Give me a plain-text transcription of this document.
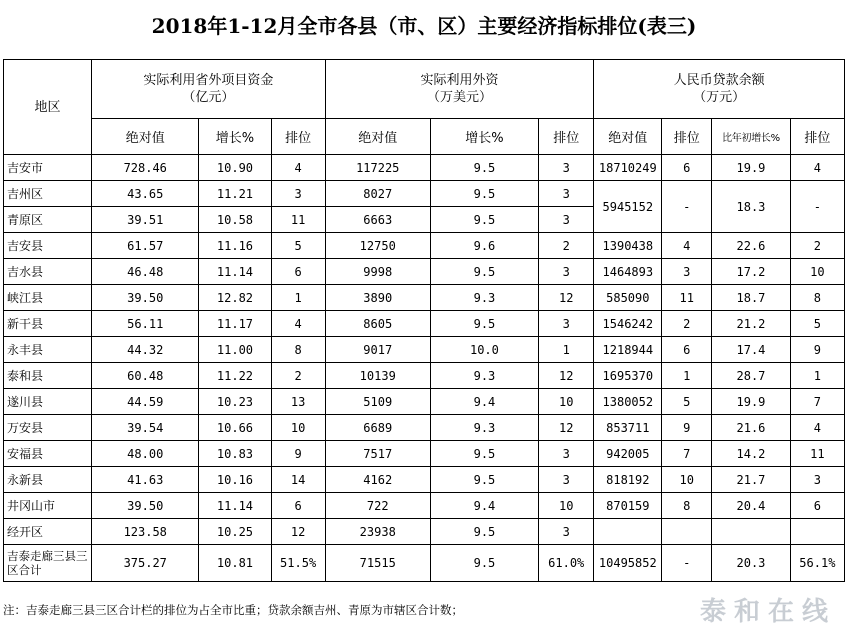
2018年1-12月全市各县（市、区）主要经济指标排位(表三)
地区	实际利用省外项目资金
（亿元）			实际利用外资
（万美元）			人民币贷款余额
（万元）			
	绝对值	增长%	排位	绝对值	增长%	排位	绝对值	排位	比年初增长%	排位
吉安市	728.46	10.90	4	117225	9.5	3	18710249	6	19.9	4
吉州区	43.65	11.21	3	8027	9.5	3	5945152	-	18.3	-
青原区	39.51	10.58	11	6663	9.5	3				
吉安县	61.57	11.16	5	12750	9.6	2	1390438	4	22.6	2
吉水县	46.48	11.14	6	9998	9.5	3	1464893	3	17.2	10
峡江县	39.50	12.82	1	3890	9.3	12	585090	11	18.7	8
新干县	56.11	11.17	4	8605	9.5	3	1546242	2	21.2	5
永丰县	44.32	11.00	8	9017	10.0	1	1218944	6	17.4	9
泰和县	60.48	11.22	2	10139	9.3	12	1695370	1	28.7	1
遂川县	44.59	10.23	13	5109	9.4	10	1380052	5	19.9	7
万安县	39.54	10.66	10	6689	9.3	12	853711	9	21.6	4
安福县	48.00	10.83	9	7517	9.5	3	942005	7	14.2	11
永新县	41.63	10.16	14	4162	9.5	3	818192	10	21.7	3
井冈山市	39.50	11.14	6	722	9.4	10	870159	8	20.4	6
经开区	123.58	10.25	12	23938	9.5	3				
吉泰走廊三县三区合计	375.27	10.81	51.5%	71515	9.5	61.0%	10495852	-	20.3	56.1%
注：吉泰走廊三县三区合计栏的排位为占全市比重；贷款余额吉州、青原为市辖区合计数；	泰和在线
